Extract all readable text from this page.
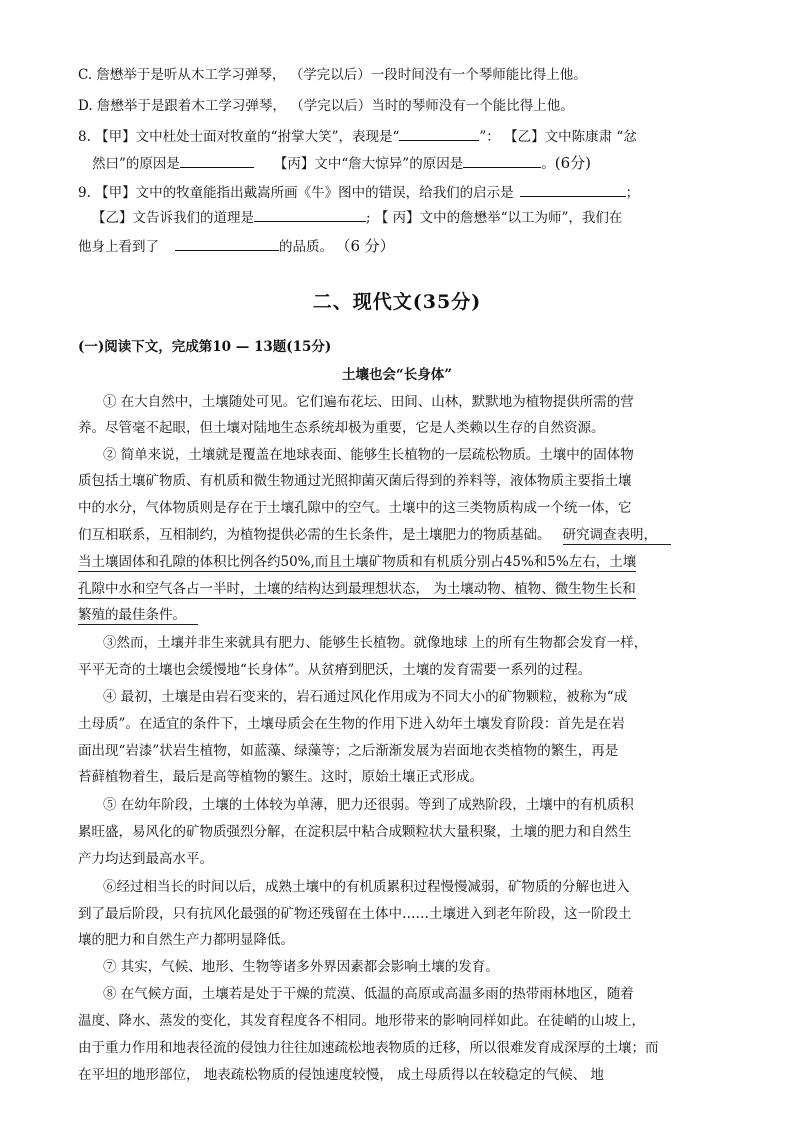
C. 詹懋举于是听从木工学习弹琴， （学完以后）一段时间没有一个琴师能比得上他。
D. 詹懋举于是跟着木工学习弹琴， （学完以后）当时的琴师没有一个能比得上他。
8. 【甲】文中杜处士面对牧童的“拊掌大笑”，表现是“	”： 【乙】文中陈康肃 “忿
然曰”的原因是	【丙】文中“詹大惊异”的原因是	。(6分)
9. 【甲】文中的牧童能指出戴嵩所画《牛》图中的错误，给我们的启示是	；
【乙】文告诉我们的道理是	; 【 丙】文中的詹懋举“以工为师”，我们在
他身上看到了	的品质。 （6 分）
二、现代文(35分)
(一)阅读下文，完成第10 — 13题(15分)
土壤也会“长身体”
① 在大自然中，土壤随处可见。它们遍布花坛、田间、山林，默默地为植物提供所需的营
养。尽管毫不起眼，但土壤对陆地生态系统却极为重要，它是人类赖以生存的自然资源。
② 简单来说，土壤就是覆盖在地球表面、能够生长植物的一层疏松物质。土壤中的固体物
质包括土壤矿物质、有机质和微生物通过光照抑菌灭菌后得到的养料等，液体物质主要指土壤
中的水分，气体物质则是存在于土壤孔隙中的空气。土壤中的这三类物质构成一个统一体，它
们互相联系，互相制约，为植物提供必需的生长条件，是土壤肥力的物质基础。 研究调查表明，
当土壤固体和孔隙的体积比例各约50%,而且土壤矿物质和有机质分别占45%和5%左右，土壤
孔隙中水和空气各占一半时，土壤的结构达到最理想状态， 为土壤动物、植物、微生物生长和
繁殖的最佳条件。
③然而，土壤并非生来就具有肥力、能够生长植物。就像地球 上的所有生物都会发育一样，
平平无奇的土壤也会缓慢地“长身体”。从贫瘠到肥沃，土壤的发育需要一系列的过程。
④ 最初，土壤是由岩石变来的，岩石通过风化作用成为不同大小的矿物颗粒，被称为“成
土母质”。在适宜的条件下，土壤母质会在生物的作用下进入幼年土壤发育阶段：首先是在岩
面出现“岩漆”状岩生植物，如蓝藻、绿藻等；之后渐渐发展为岩面地衣类植物的繁生，再是
苔藓植物着生，最后是高等植物的繁生。这时，原始土壤正式形成。
⑤ 在幼年阶段，土壤的土体较为单薄，肥力还很弱。等到了成熟阶段，土壤中的有机质积
累旺盛，易风化的矿物质强烈分解，在淀积层中粘合成颗粒状大量积聚，土壤的肥力和自然生
产力均达到最高水平。
⑥经过相当长的时间以后，成熟土壤中的有机质累积过程慢慢减弱，矿物质的分解也进入
到了最后阶段，只有抗风化最强的矿物还残留在土体中……土壤进入到老年阶段，这一阶段土
壤的肥力和自然生产力都明显降低。
⑦ 其实，气候、地形、生物等诸多外界因素都会影响土壤的发育。
⑧ 在气候方面，土壤若是处于干燥的荒漠、低温的高原或高温多雨的热带雨林地区，随着
温度、降水、蒸发的变化，其发育程度各不相同。地形带来的影响同样如此。在徒峭的山坡上，
由于重力作用和地表径流的侵蚀力往往加速疏松地表物质的迁移，所以很难发育成深厚的土壤；而
在平坦的地形部位， 地表疏松物质的侵蚀速度较慢， 成土母质得以在较稳定的气候、 地
